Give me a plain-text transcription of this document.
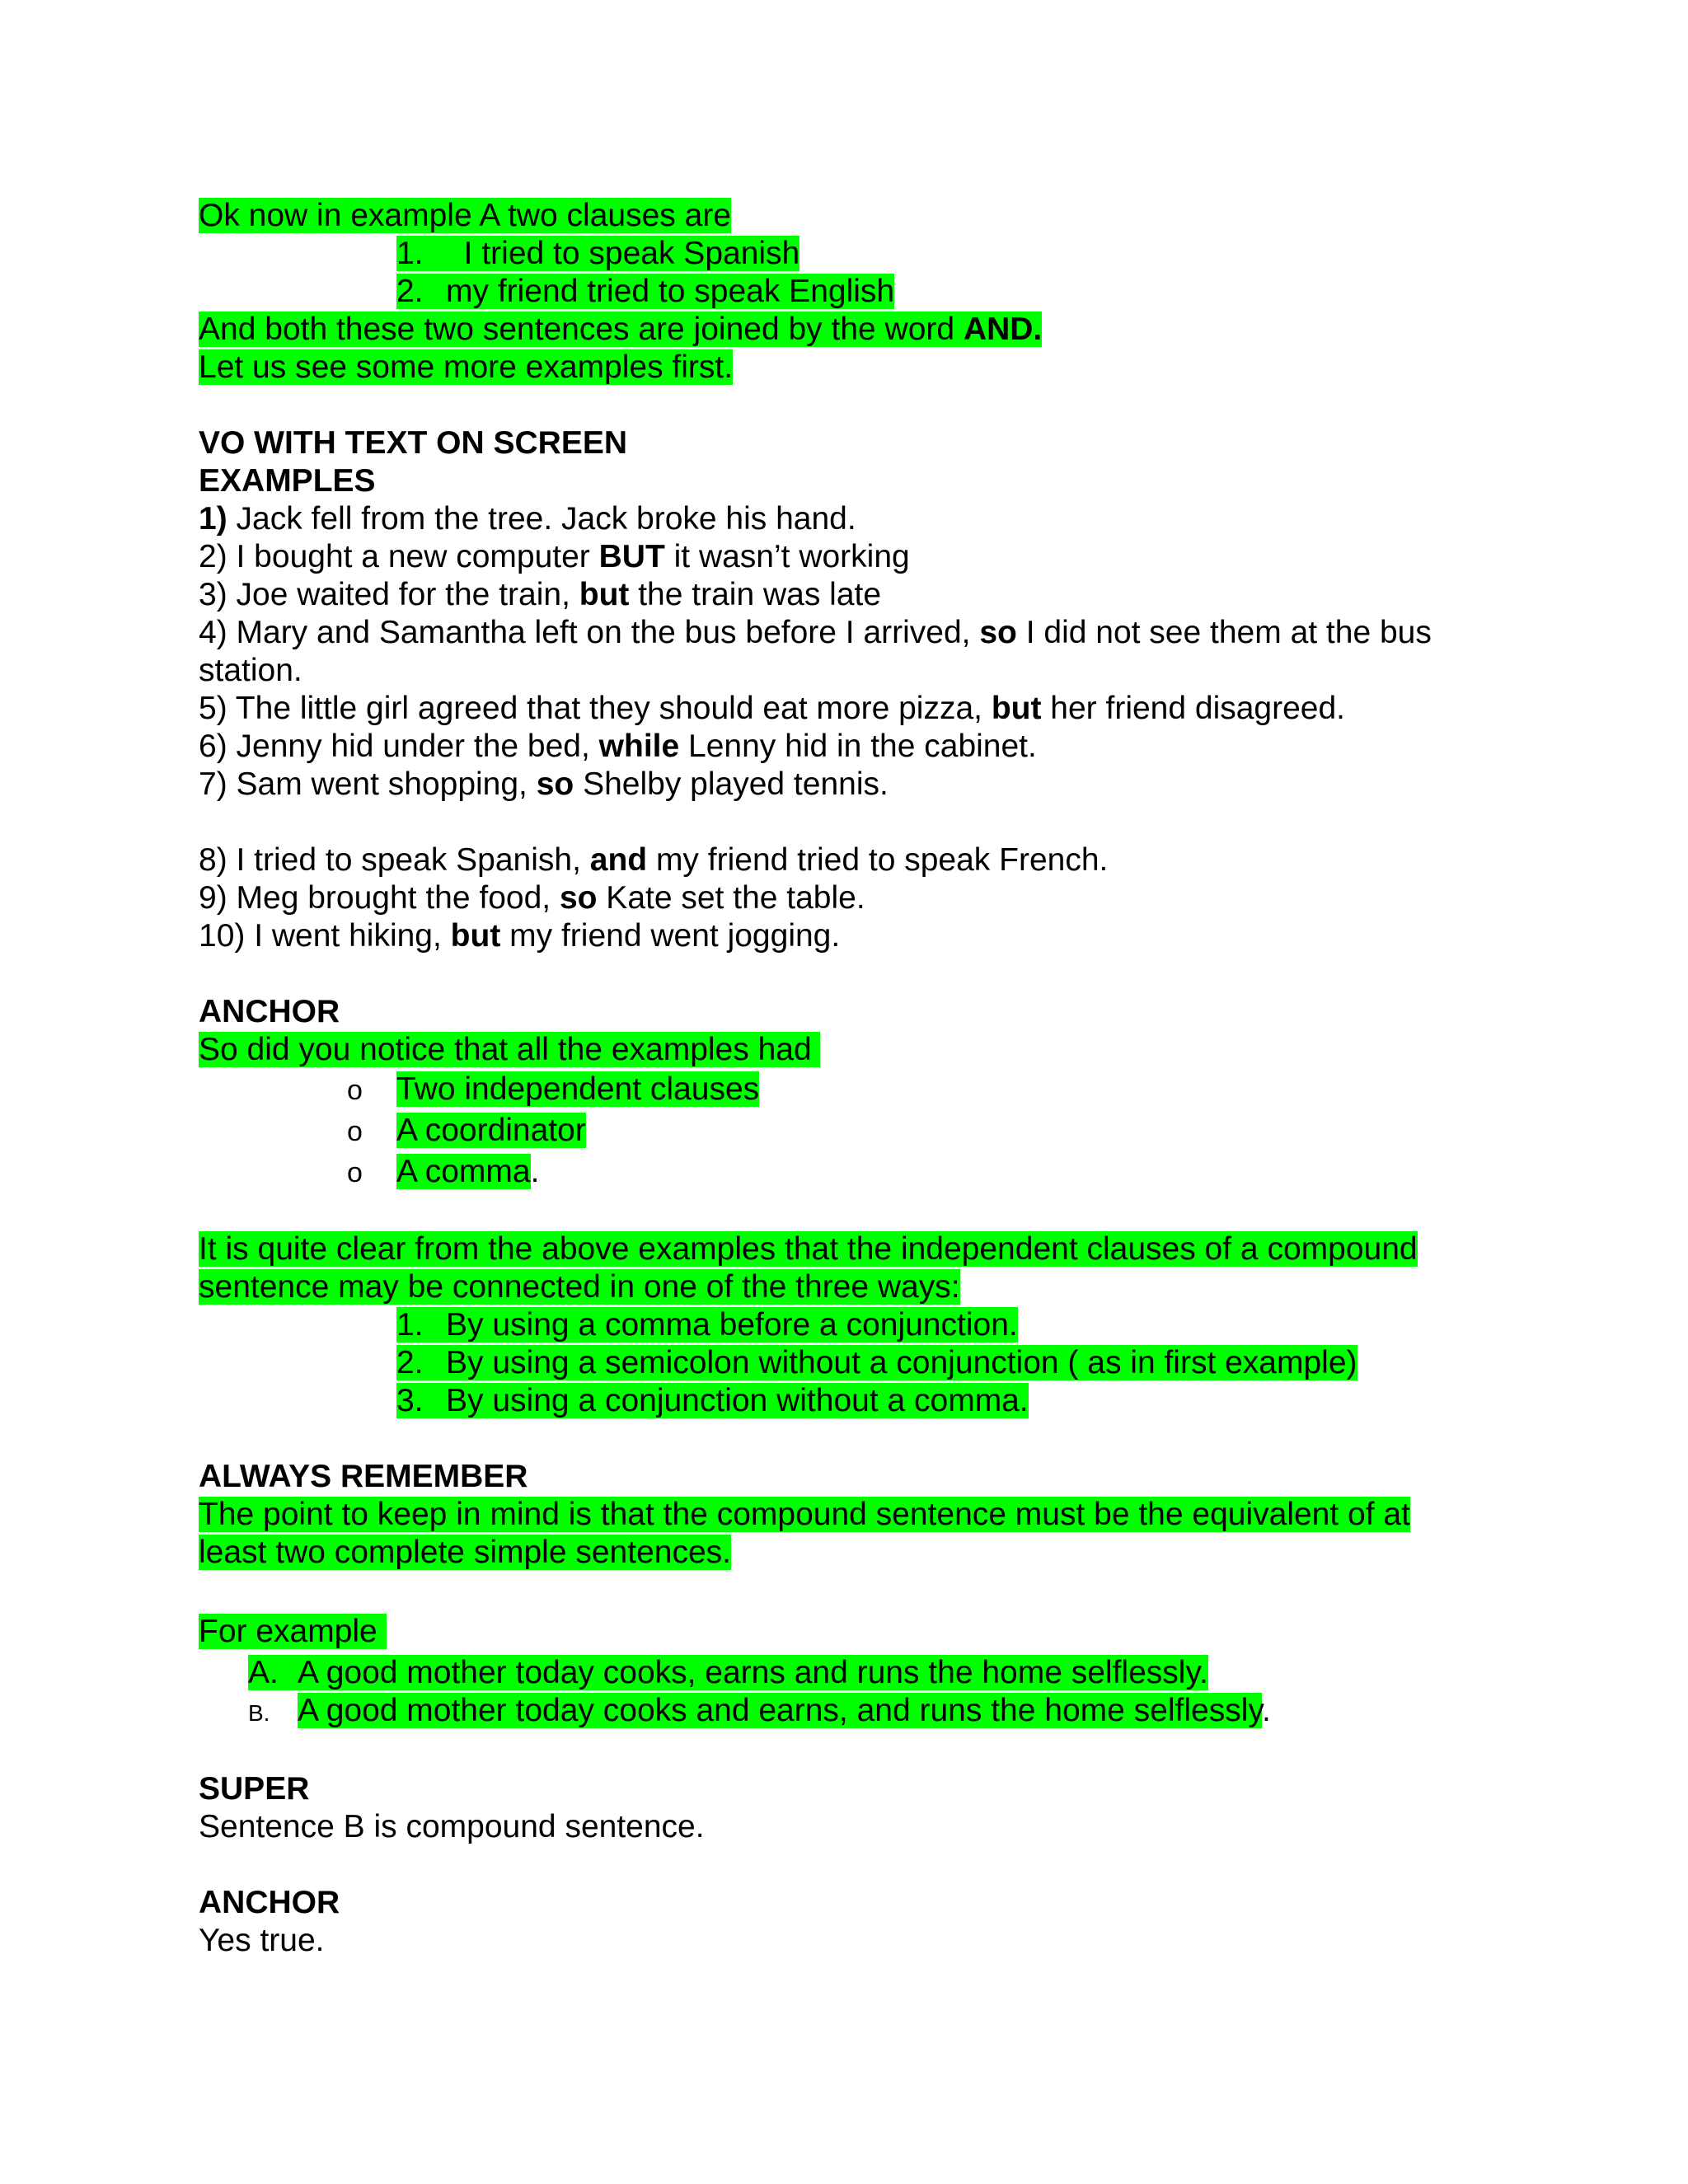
Ok now in example A two clauses are

1.  I tried to speak Spanish

2. my friend tried to speak English

And both these two sentences are joined by the word AND.

Let us see some more examples first.

VO WITH TEXT ON SCREEN

EXAMPLES

1) Jack fell from the tree. Jack broke his hand.

2) I bought a new computer BUT it wasn’t working

3) Joe waited for the train, but the train was late

4) Mary and Samantha left on the bus before I arrived, so I did not see them at the bus

station.

5) The little girl agreed that they should eat more pizza, but her friend disagreed.

6) Jenny hid under the bed, while Lenny hid in the cabinet.

7) Sam went shopping, so Shelby played tennis.

8) I tried to speak Spanish, and my friend tried to speak French.

9) Meg brought the food, so Kate set the table.

10) I went hiking, but my friend went jogging.

ANCHOR

So did you notice that all the examples had

o Two independent clauses
o A coordinator
o A comma.

It is quite clear from the above examples that the independent clauses of a compound sentence may be connected in one of the three ways:

1. By using a comma before a conjunction.

2. By using a semicolon without a conjunction ( as in first example)

3. By using a conjunction without a comma.

ALWAYS REMEMBER

The point to keep in mind is that the compound sentence must be the equivalent of at least two complete simple sentences.

For example

A. A good mother today cooks, earns and runs the home selflessly.

B. A good mother today cooks and earns, and runs the home selflessly.

SUPER

Sentence B is compound sentence.

ANCHOR

Yes true.
